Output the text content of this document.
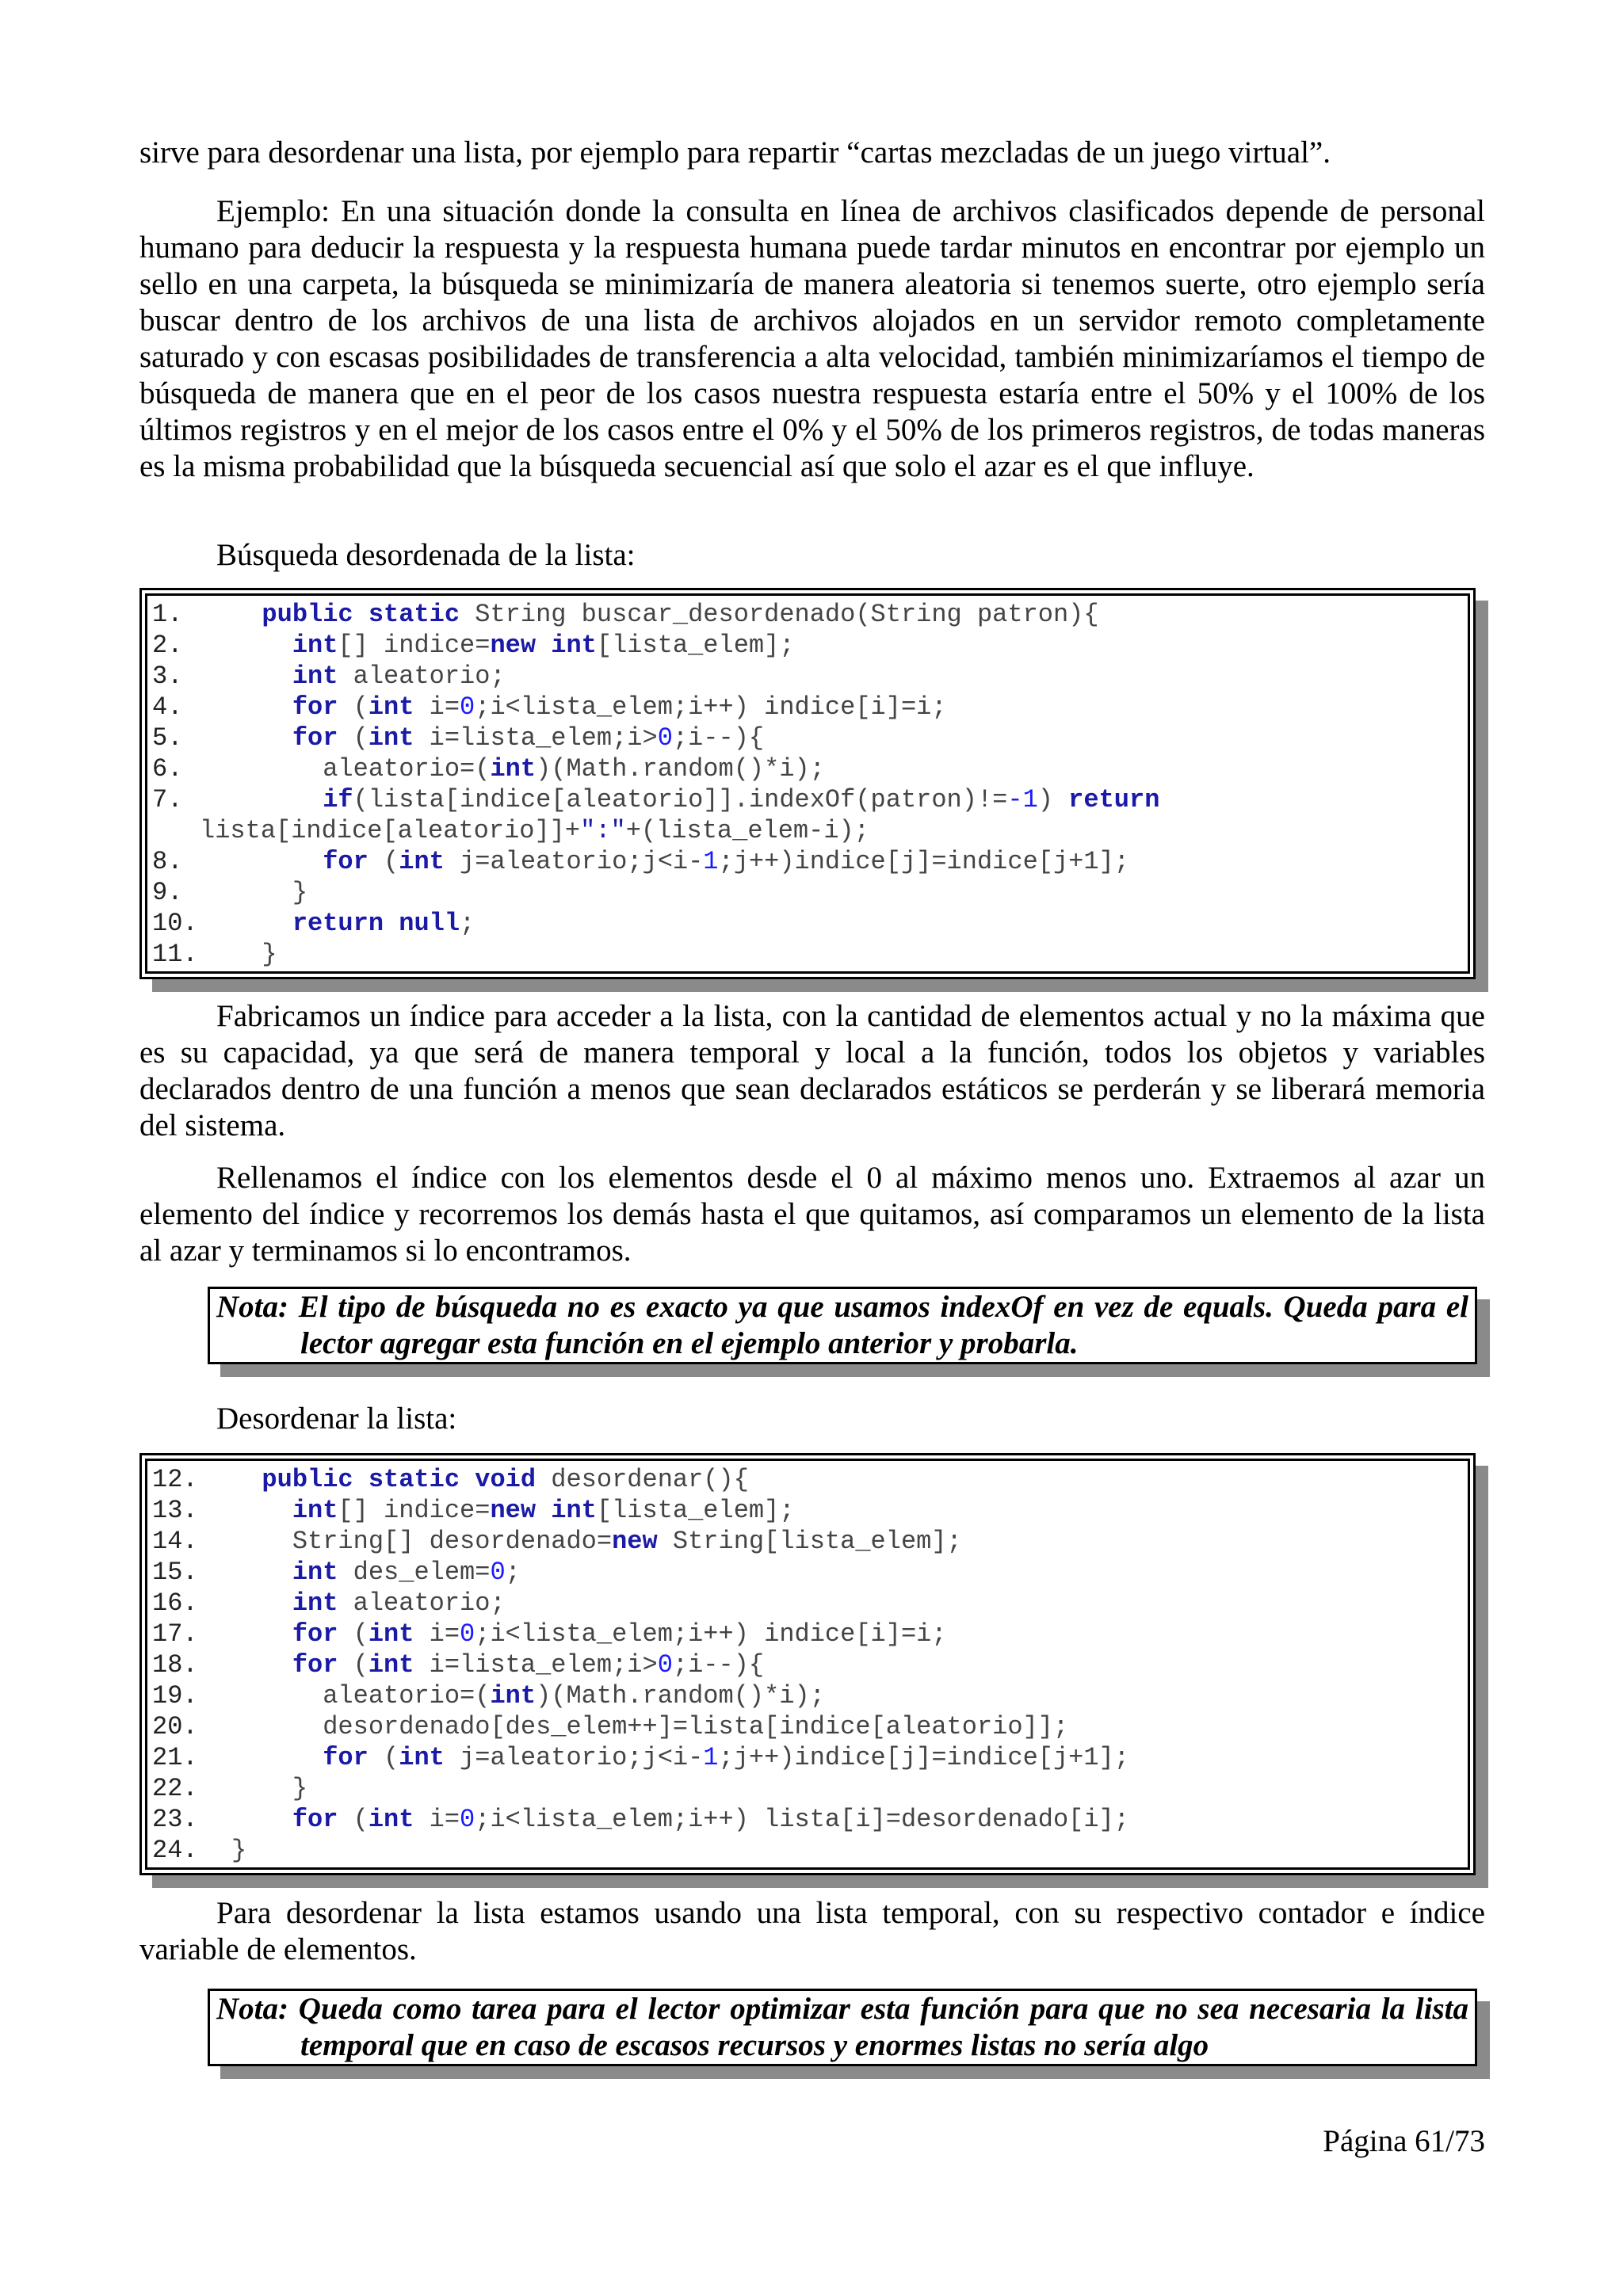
sirve para desordenar una lista, por ejemplo para repartir “cartas mezcladas de un juego virtual”.

Ejemplo: En una situación donde la consulta en línea de archivos clasificados depende de personal humano para deducir la respuesta y la respuesta humana puede tardar minutos en encontrar por ejemplo un sello en una carpeta, la búsqueda se minimizaría de manera aleatoria si tenemos suerte, otro ejemplo sería buscar dentro de los archivos de una lista de archivos alojados en un servidor remoto completamente saturado y con escasas posibilidades de transferencia a alta velocidad, también minimizaríamos el tiempo de búsqueda de manera que en el peor de los casos nuestra respuesta estaría entre el 50% y el 100% de los últimos registros y en el mejor de los casos entre el 0% y el 50% de los primeros registros, de todas maneras es la misma probabilidad que la búsqueda secuencial así que solo el azar es el que influye.

Búsqueda desordenada de la lista:

1.	public static String buscar_desordenado(String patron){
2.	int[] indice=new int[lista_elem];
3.	int aleatorio;
4.	for (int i=0;i<lista_elem;i++) indice[i]=i;
5.	for (int i=lista_elem;i>0;i--){
6.	aleatorio=(int)(Math.random()*i);
7.	if(lista[indice[aleatorio]].indexOf(patron)!=-1) return
lista[indice[aleatorio]]+":"+(lista_elem-i);
8.	for (int j=aleatorio;j<i-1;j++)indice[j]=indice[j+1];
9.	}
10.	return null;
11.	}

Fabricamos un índice para acceder a la lista, con la cantidad de elementos actual y no la máxima que es su capacidad, ya que será de manera temporal y local a la función, todos los objetos y variables declarados dentro de una función a menos que sean declarados estáticos se perderán y se liberará memoria del sistema.

Rellenamos el índice con los elementos desde el 0 al máximo menos uno. Extraemos al azar un elemento del índice y recorremos los demás hasta el que quitamos, así comparamos un elemento de la lista al azar y terminamos si lo encontramos.

Nota: El tipo de búsqueda no es exacto ya que usamos indexOf en vez de equals. Queda para el lector agregar esta función en el ejemplo anterior y probarla.

Desordenar la lista:

12.	public static void desordenar(){
13.	int[] indice=new int[lista_elem];
14.	String[] desordenado=new String[lista_elem];
15.	int des_elem=0;
16.	int aleatorio;
17.	for (int i=0;i<lista_elem;i++) indice[i]=i;
18.	for (int i=lista_elem;i>0;i--){
19.	aleatorio=(int)(Math.random()*i);
20.	desordenado[des_elem++]=lista[indice[aleatorio]];
21.	for (int j=aleatorio;j<i-1;j++)indice[j]=indice[j+1];
22.	}
23.	for (int i=0;i<lista_elem;i++) lista[i]=desordenado[i];
24.	}

Para desordenar la lista estamos usando una lista temporal, con su respectivo contador e índice variable de elementos.

Nota: Queda como tarea para el lector optimizar esta función para que no sea necesaria la lista temporal que en caso de escasos recursos y enormes listas no sería algo

Página 61/73
